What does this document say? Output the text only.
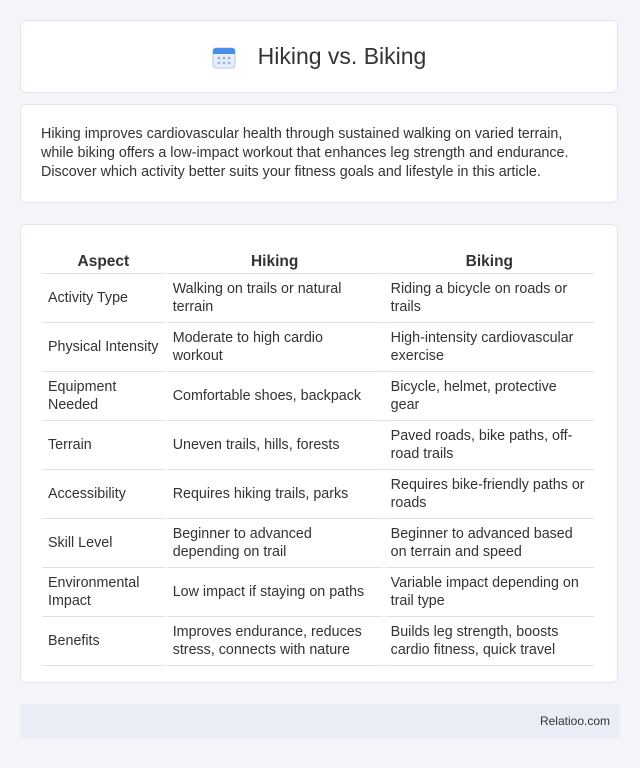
Hiking vs. Biking

Hiking improves cardiovascular health through sustained walking on varied terrain, while biking offers a low-impact workout that enhances leg strength and endurance. Discover which activity better suits your fitness goals and lifestyle in this article.

Aspect	Hiking	Biking
Activity Type	Walking on trails or natural terrain	Riding a bicycle on roads or trails
Physical Intensity	Moderate to high cardio workout	High-intensity cardiovascular exercise
Equipment Needed	Comfortable shoes, backpack	Bicycle, helmet, protective gear
Terrain	Uneven trails, hills, forests	Paved roads, bike paths, off-road trails
Accessibility	Requires hiking trails, parks	Requires bike-friendly paths or roads
Skill Level	Beginner to advanced depending on trail	Beginner to advanced based on terrain and speed
Environmental Impact	Low impact if staying on paths	Variable impact depending on trail type
Benefits	Improves endurance, reduces stress, connects with nature	Builds leg strength, boosts cardio fitness, quick travel
Relatioo.com
